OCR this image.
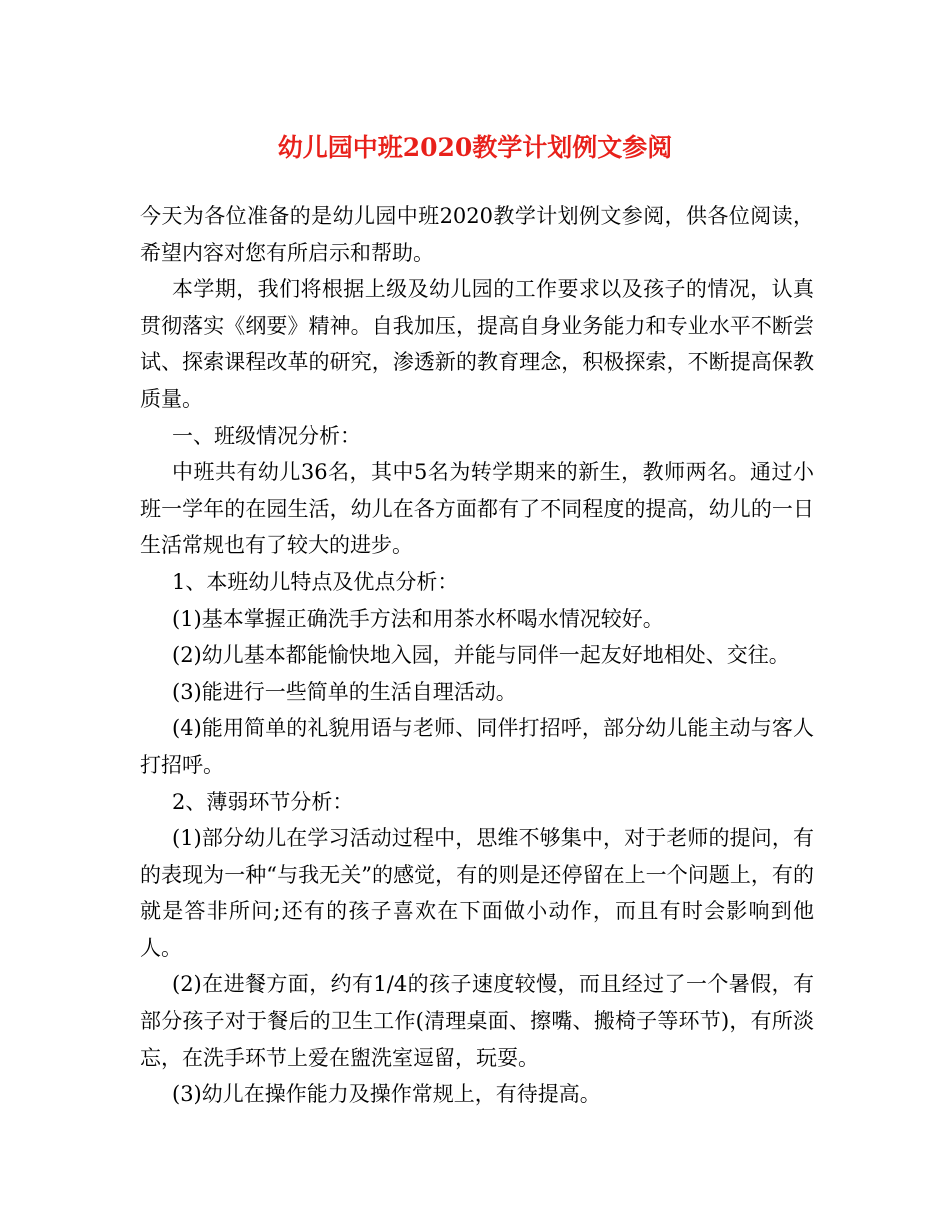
幼儿园中班2020教学计划例文参阅

今天为各位准备的是幼儿园中班2020教学计划例文参阅，供各位阅读，希望内容对您有所启示和帮助。

本学期，我们将根据上级及幼儿园的工作要求以及孩子的情况，认真贯彻落实《纲要》精神。自我加压，提高自身业务能力和专业水平不断尝试、探索课程改革的研究，渗透新的教育理念，积极探索，不断提高保教质量。

一、班级情况分析：

中班共有幼儿36名，其中5名为转学期来的新生，教师两名。通过小班一学年的在园生活，幼儿在各方面都有了不同程度的提高，幼儿的一日生活常规也有了较大的进步。

1、本班幼儿特点及优点分析：

(1)基本掌握正确洗手方法和用茶水杯喝水情况较好。

(2)幼儿基本都能愉快地入园，并能与同伴一起友好地相处、交往。

(3)能进行一些简单的生活自理活动。

(4)能用简单的礼貌用语与老师、同伴打招呼，部分幼儿能主动与客人打招呼。

2、薄弱环节分析：

(1)部分幼儿在学习活动过程中，思维不够集中，对于老师的提问，有的表现为一种“与我无关”的感觉，有的则是还停留在上一个问题上，有的就是答非所问;还有的孩子喜欢在下面做小动作，而且有时会影响到他人。

(2)在进餐方面，约有1/4的孩子速度较慢，而且经过了一个暑假，有部分孩子对于餐后的卫生工作(清理桌面、擦嘴、搬椅子等环节)，有所淡忘，在洗手环节上爱在盥洗室逗留，玩耍。

(3)幼儿在操作能力及操作常规上，有待提高。
